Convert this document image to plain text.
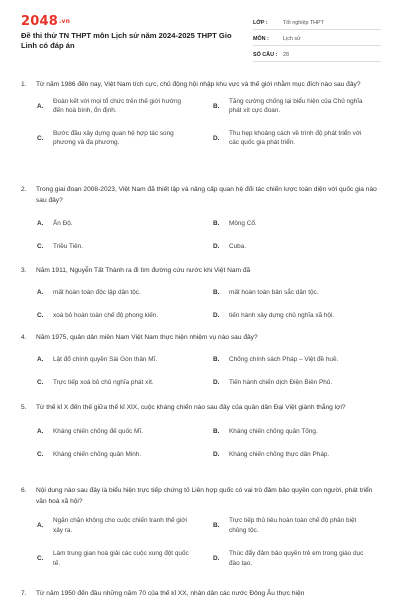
2048.vn
Đề thi thử TN THPT môn Lịch sử năm 2024-2025 THPT Gio Linh có đáp án
LỚP :	Tốt nghiệp THPT
MÔN :	Lịch sử
SỐ CÂU :	28
1. Từ năm 1986 đến nay, Việt Nam tích cực, chủ động hội nhập khu vực và thế giới nhằm mục đích nào sau đây?
A.
Đoàn kết với mọi tổ chức trên thế giới hướng đến hoà bình, ổn định.
B.
Tăng cường chống lại biểu hiện của Chủ nghĩa phát xít cực đoan.
C.
Bước đầu xây dựng quan hệ hợp tác song phương và đa phương.
D.
Thu hẹp khoảng cách về trình độ phát triển với các quốc gia phát triển.
2. Trong giai đoạn 2008-2023, Việt Nam đã thiết lập và nâng cấp quan hệ đối tác chiến lược toàn diện với quốc gia nào sau đây?
A. Ấn Độ.	B. Mông Cổ.
C. Triều Tiên.	D. Cuba.
3. Năm 1911, Nguyễn Tất Thành ra đi tìm đường cứu nước khi Việt Nam đã
A. mất hoàn toàn độc lập dân tộc.	B. mất hoàn toàn bản sắc dân tộc.
C. xoá bỏ hoàn toàn chế độ phong kiến.	D. tiến hành xây dựng chủ nghĩa xã hội.
4. Năm 1975, quân dân miền Nam Việt Nam thực hiện nhiệm vụ nào sau đây?
A. Lật đổ chính quyền Sài Gòn thân Mĩ.	B. Chống chính sách Pháp – Việt đề huề.
C. Trực tiếp xoá bỏ chủ nghĩa phát xít.	D. Tiến hành chiến dịch Điện Biên Phủ.
5. Từ thế kỉ X đến thế giữa thế kỉ XIX, cuộc kháng chiến nào sau đây của quân dân Đại Việt giành thắng lợi?
A. Kháng chiến chống đế quốc Mĩ.	B. Kháng chiến chống quân Tống.
C. Kháng chiến chống quân Minh.	D. Kháng chiến chống thực dân Pháp.
6. Nội dung nào sau đây là biểu hiện trực tiếp chứng tỏ Liên hợp quốc có vai trò đảm bảo quyền con người, phát triển văn hoá xã hội?
A.
Ngăn chặn không cho cuộc chiến tranh thế giới xảy ra.
B.
Trực tiếp thủ tiêu hoàn toàn chế độ phân biệt chủng tộc.
C.
Làm trung gian hoà giải các cuộc xung đột quốc tế.
D.
Thúc đẩy đảm bảo quyền trẻ em trong giáo dục đào tạo.
7. Từ năm 1950 đến đầu những năm 70 của thế kỉ XX, nhân dân các nước Đông Âu thực hiện
